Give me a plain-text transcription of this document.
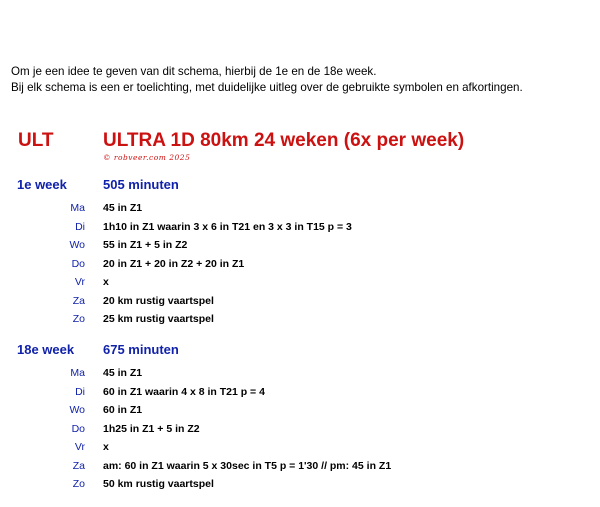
Om je een idee te geven van dit schema, hierbij de 1e en de 18e week.

Bij elk schema is een er toelichting, met duidelijke uitleg over de gebruikte symbolen en afkortingen.

ULT	ULTRA 1D 80km 24 weken (6x per week)
© robveer.com 2025
1e week	505 minuten
Ma 45 in Z1
Di 1h10 in Z1 waarin 3 x 6 in T21 en 3 x 3 in T15 p = 3
Wo 55 in Z1 + 5 in Z2
Do 20 in Z1 + 20 in Z2 + 20 in Z1
Vr x
Za 20 km rustig vaartspel
Zo 25 km rustig vaartspel
18e week 675 minuten
Ma 45 in Z1
Di 60 in Z1 waarin 4 x 8 in T21 p = 4
Wo 60 in Z1
Do 1h25 in Z1 + 5 in Z2
Vr x
Za am: 60 in Z1 waarin 5 x 30sec in T5 p = 1'30 // pm: 45 in Z1
Zo 50 km rustig vaartspel
